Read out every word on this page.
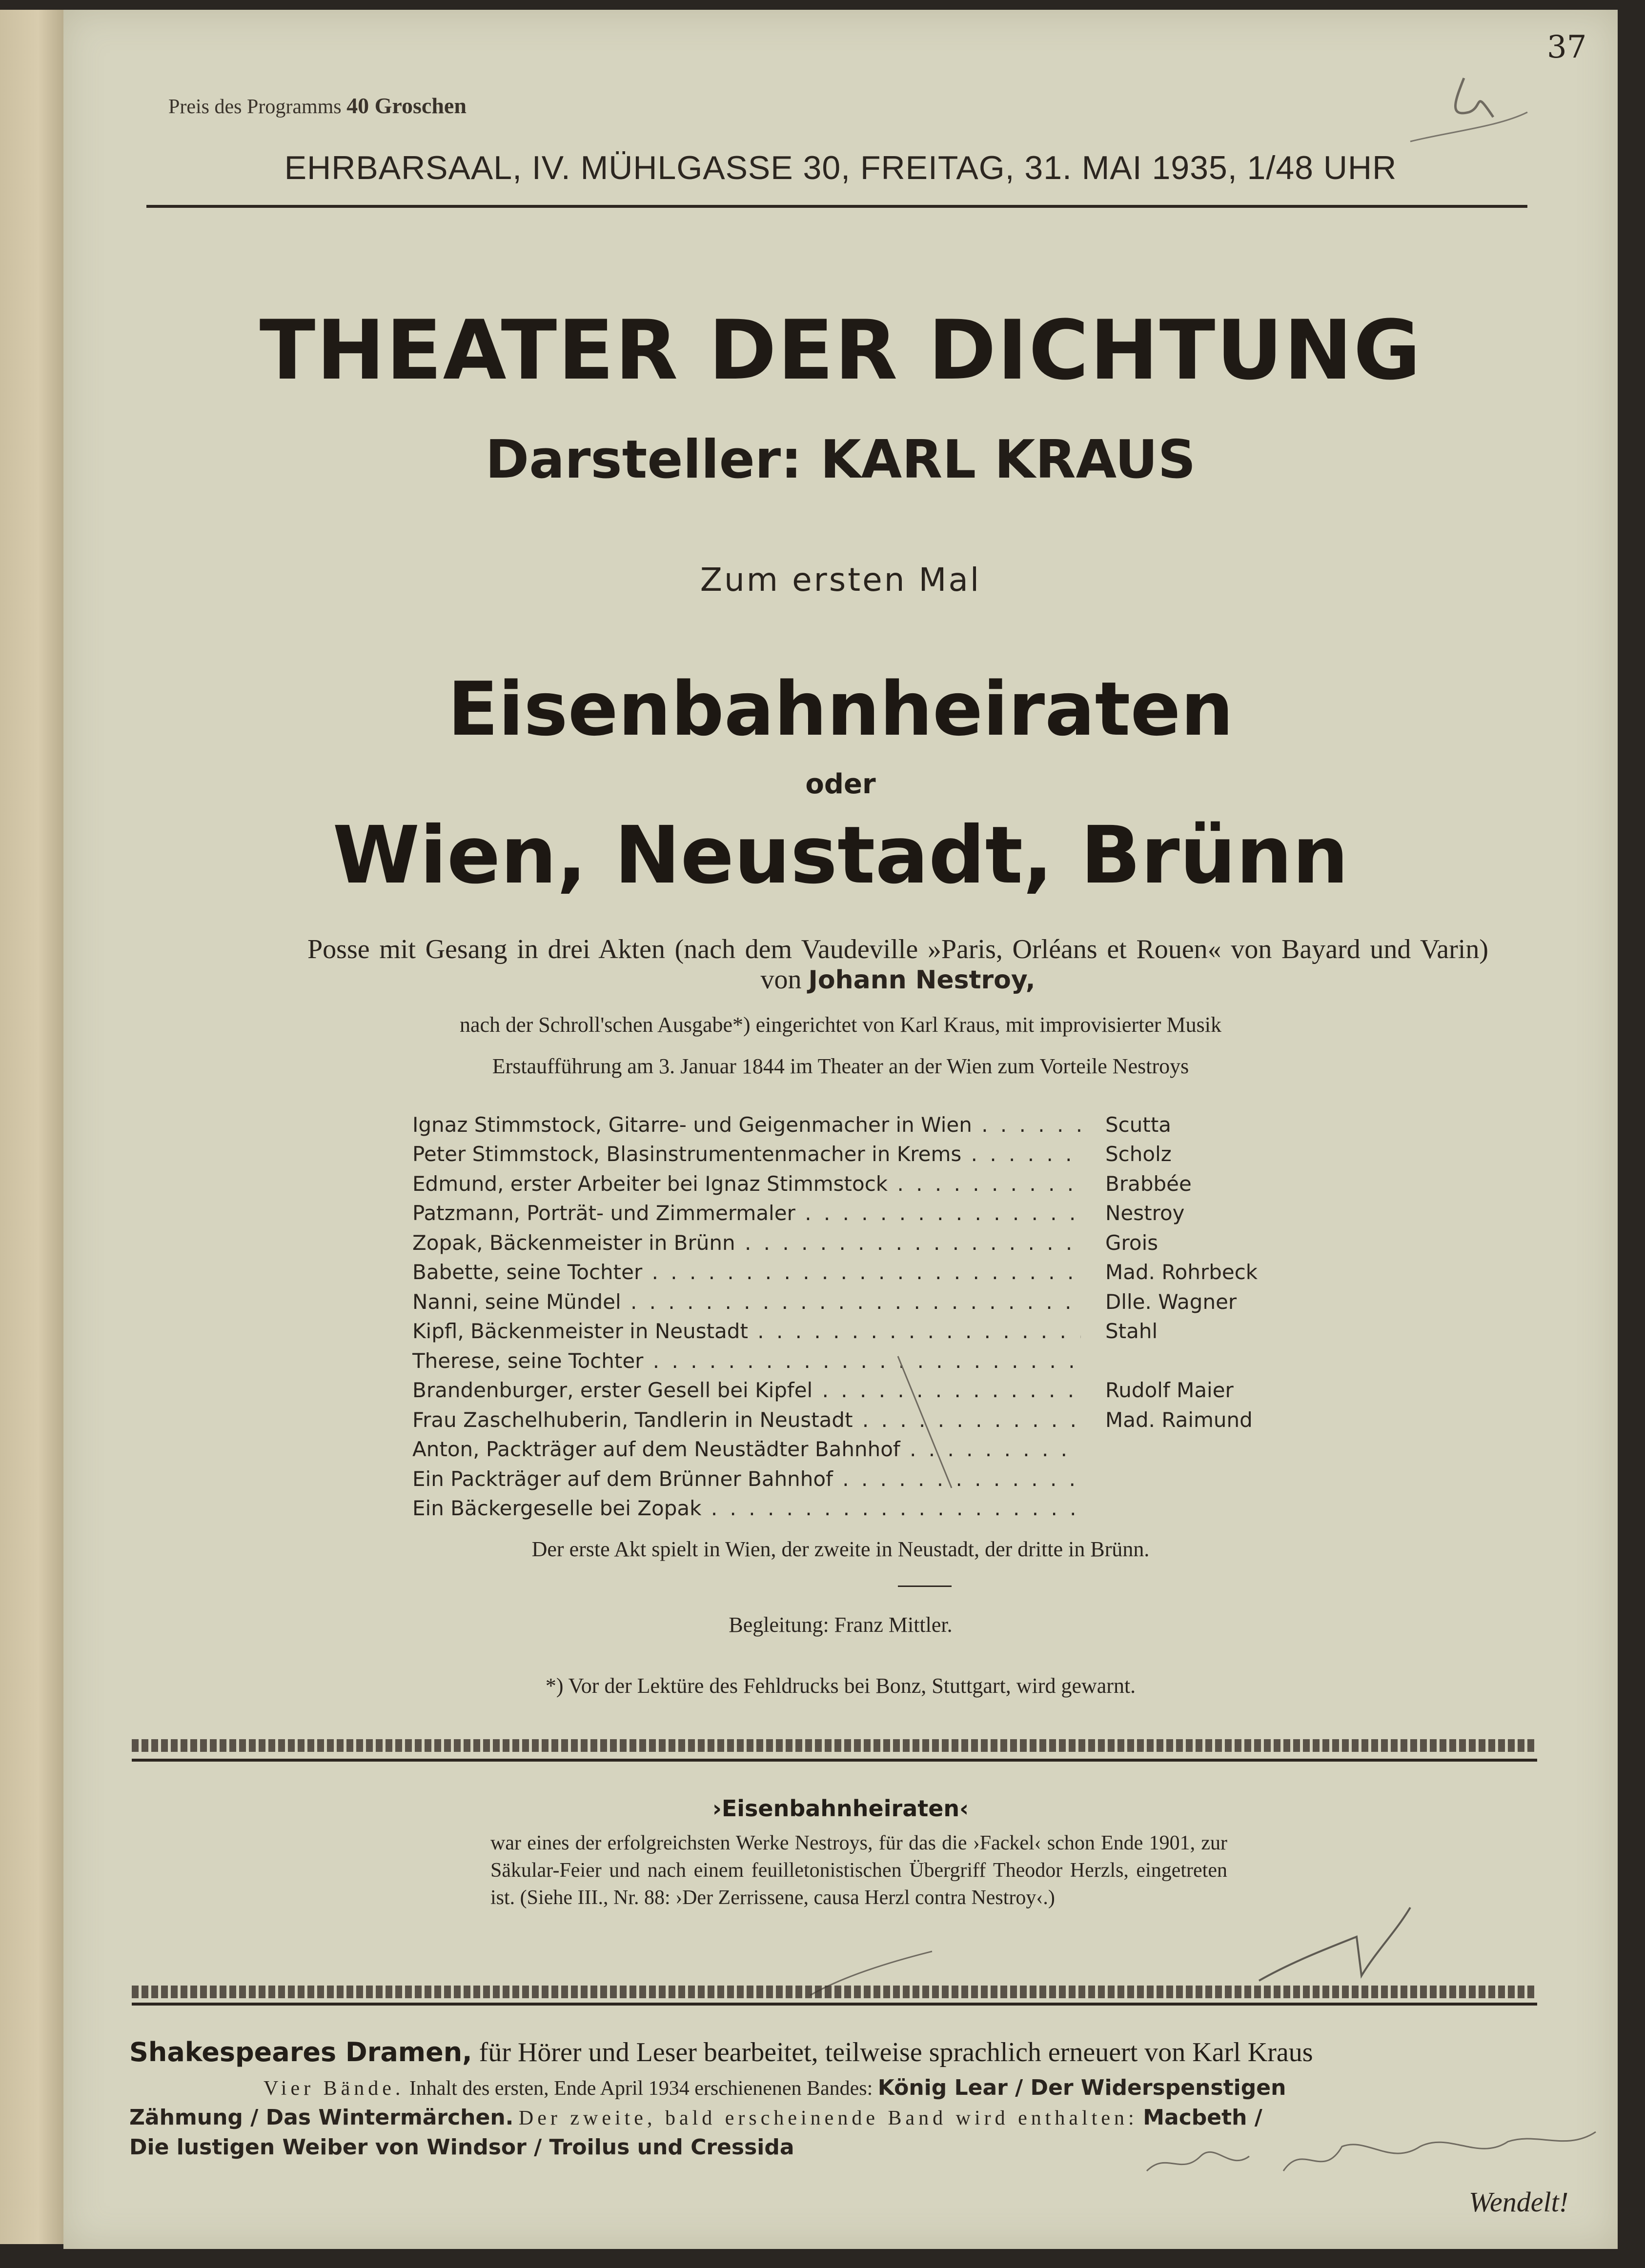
37
Preis des Programms 40 Groschen
EHRBARSAAL, IV. MÜHLGASSE 30, FREITAG, 31. MAI 1935, 1/48 UHR
THEATER DER DICHTUNG
Darsteller: KARL KRAUS
Zum ersten Mal
Eisenbahnheiraten
oder
Wien, Neustadt, Brünn
Posse mit Gesang in drei Akten (nach dem Vaudeville »Paris, Orléans et Rouen« von Bayard und Varin) von Johann Nestroy,
nach der Schroll'schen Ausgabe*) eingerichtet von Karl Kraus, mit improvisierter Musik
Erstaufführung am 3. Januar 1844 im Theater an der Wien zum Vorteile Nestroys
Ignaz Stimmstock, Gitarre- und Geigenmacher in Wien . . .	Scutta
Peter Stimmstock, Blasinstrumentenmacher in Krems . . .	Scholz
Edmund, erster Arbeiter bei Ignaz Stimmstock . . .	Brabbée
Patzmann, Porträt- und Zimmermaler . . .	Nestroy
Zopak, Bäckenmeister in Brünn . . .	Grois
Babette, seine Tochter . . .	Mad. Rohrbeck
Nanni, seine Mündel . . .	Dlle. Wagner
Kipfl, Bäckenmeister in Neustadt . . .	Stahl
Therese, seine Tochter . . .
Brandenburger, erster Gesell bei Kipfel . . .	Rudolf Maier
Frau Zaschelhuberin, Tandlerin in Neustadt . . .	Mad. Raimund
Anton, Packträger auf dem Neustädter Bahnhof . . .
Ein Packträger auf dem Brünner Bahnhof . . .
Ein Bäckergeselle bei Zopak . . .
Der erste Akt spielt in Wien, der zweite in Neustadt, der dritte in Brünn.
Begleitung: Franz Mittler.
*) Vor der Lektüre des Fehldrucks bei Bonz, Stuttgart, wird gewarnt.
›Eisenbahnheiraten‹
war eines der erfolgreichsten Werke Nestroys, für das die ›Fackel‹ schon Ende 1901, zur Säkular-Feier und nach einem feuilletonistischen Übergriff Theodor Herzls, eingetreten ist. (Siehe III., Nr. 88: ›Der Zerrissene, causa Herzl contra Nestroy‹.)
Shakespeares Dramen, für Hörer und Leser bearbeitet, teilweise sprachlich erneuert von Karl Kraus
Vier Bände. Inhalt des ersten, Ende April 1934 erschienenen Bandes: König Lear / Der Widerspenstigen
Zähmung / Das Wintermärchen. Der zweite, bald erscheinende Band wird enthalten: Macbeth /
Die lustigen Weiber von Windsor / Troilus und Cressida
Wendelt!
